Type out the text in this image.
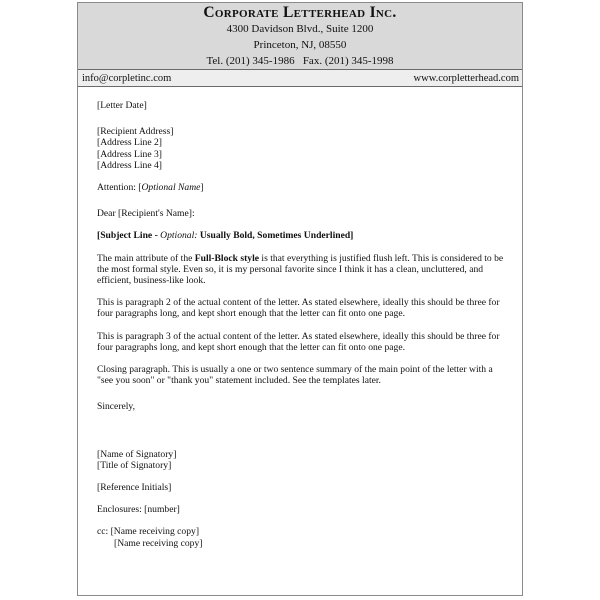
Corporate Letterhead Inc.
4300 Davidson Blvd., Suite 1200
Princeton, NJ, 08550
Tel. (201) 345-1986   Fax. (201) 345-1998
info@corpletinc.com	www.corpletterhead.com

[Letter Date]

[Recipient Address]

[Address Line 2]

[Address Line 3]

[Address Line 4]

Attention: [Optional Name]

Dear [Recipient's Name]:

[Subject Line - Optional: Usually Bold, Sometimes Underlined]

The main attribute of the Full-Block style is that everything is justified flush left. This is considered to be the most formal style. Even so, it is my personal favorite since I think it has a clean, uncluttered, and efficient, business-like look.

This is paragraph 2 of the actual content of the letter. As stated elsewhere, ideally this should be three for four paragraphs long, and kept short enough that the letter can fit onto one page.

This is paragraph 3 of the actual content of the letter. As stated elsewhere, ideally this should be three for four paragraphs long, and kept short enough that the letter can fit onto one page.

Closing paragraph. This is usually a one or two sentence summary of the main point of the letter with a "see you soon" or "thank you" statement included. See the templates later.

Sincerely,

[Name of Signatory]

[Title of Signatory]

[Reference Initials]

Enclosures: [number]

cc: [Name receiving copy]

[Name receiving copy]
